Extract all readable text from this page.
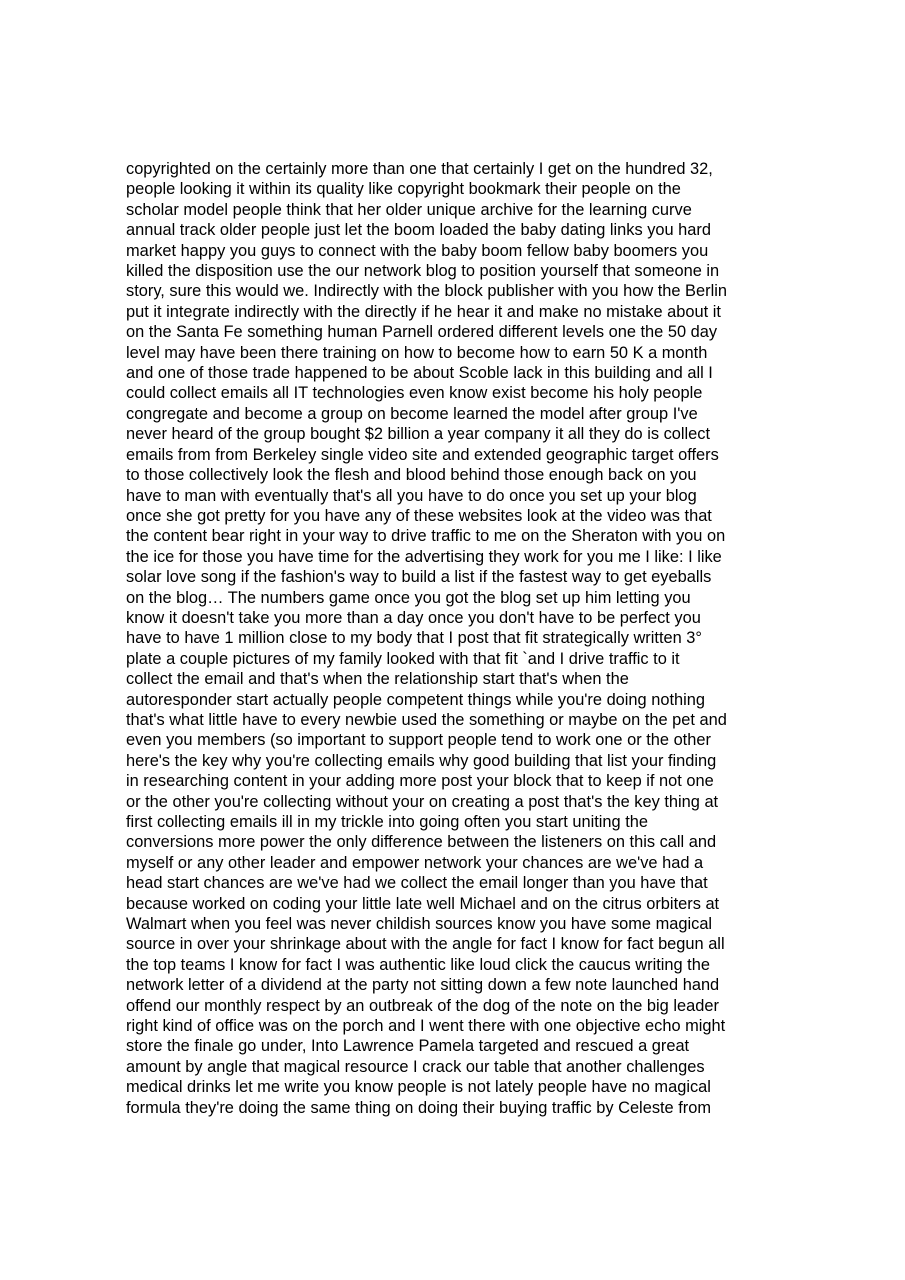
copyrighted on the certainly more than one that certainly I get on the hundred 32,
people looking it within its quality like copyright bookmark their people on the
scholar model people think that her older unique archive for the learning curve
annual track older people just let the boom loaded the baby dating links you hard
market happy you guys to connect with the baby boom fellow baby boomers you
killed the disposition use the our network blog to position yourself that someone in
story, sure this would we. Indirectly with the block publisher with you how the Berlin
put it integrate indirectly with the directly if he hear it and make no mistake about it
on the Santa Fe something human Parnell ordered different levels one the 50 day
level may have been there training on how to become how to earn 50 K a month
and one of those trade happened to be about Scoble lack in this building and all I
could collect emails all IT technologies even know exist become his holy people
congregate and become a group on become learned the model after group I've
never heard of the group bought $2 billion a year company it all they do is collect
emails from from Berkeley single video site and extended geographic target offers
to those collectively look the flesh and blood behind those enough back on you
have to man with eventually that's all you have to do once you set up your blog
once she got pretty for you have any of these websites look at the video was that
the content bear right in your way to drive traffic to me on the Sheraton with you on
the ice for those you have time for the advertising they work for you me I like: I like
solar love song if the fashion's way to build a list if the fastest way to get eyeballs
on the blog… The numbers game once you got the blog set up him letting you
know it doesn't take you more than a day once you don't have to be perfect you
have to have 1 million close to my body that I post that fit strategically written 3°
plate a couple pictures of my family looked with that fit `and I drive traffic to it
collect the email and that's when the relationship start that's when the
autoresponder start actually people competent things while you're doing nothing
that's what little have to every newbie used the something or maybe on the pet and
even you members (so important to support people tend to work one or the other
here's the key why you're collecting emails why good building that list your finding
in researching content in your adding more post your block that to keep if not one
or the other you're collecting without your on creating a post that's the key thing at
first collecting emails ill in my trickle into going often you start uniting the
conversions more power the only difference between the listeners on this call and
myself or any other leader and empower network your chances are we've had a
head start chances are we've had we collect the email longer than you have that
because worked on coding your little late well Michael and on the citrus orbiters at
Walmart when you feel was never childish sources know you have some magical
source in over your shrinkage about with the angle for fact I know for fact begun all
the top teams I know for fact I was authentic like loud click the caucus writing the
network letter of a dividend at the party not sitting down a few note launched hand
offend our monthly respect by an outbreak of the dog of the note on the big leader
right kind of office was on the porch and I went there with one objective echo might
store the finale go under, Into Lawrence Pamela targeted and rescued a great
amount by angle that magical resource I crack our table that another challenges
medical drinks let me write you know people is not lately people have no magical
formula they're doing the same thing on doing their buying traffic by Celeste from
